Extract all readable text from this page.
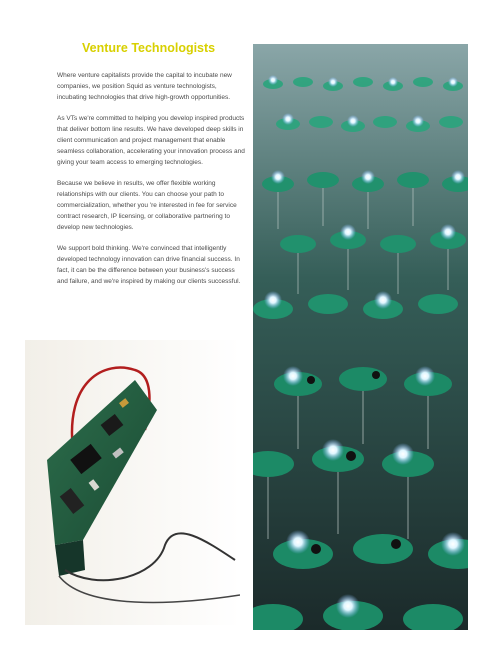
Venture Technologists

Where venture capitalists provide the capital to incubate new companies, we position Squid as venture technologists, incubating technologies that drive high-growth opportunities.

As VTs we're committed to helping you develop inspired products that deliver bottom line results. We have developed deep skills in client communication and project management that enable seamless collaboration, accelerating your innovation process and giving your team access to emerging technologies.

Because we believe in results, we offer flexible working relationships with our clients. You can choose your path to commercialization, whether you 're interested in fee for service contract research, IP licensing, or collaborative partnering to develop new technologies.

We support bold thinking. We're convinced that intelligently developed technology innovation can drive financial success. In fact, it can be the difference between your business's success and failure, and we're inspired by making our clients successful.
